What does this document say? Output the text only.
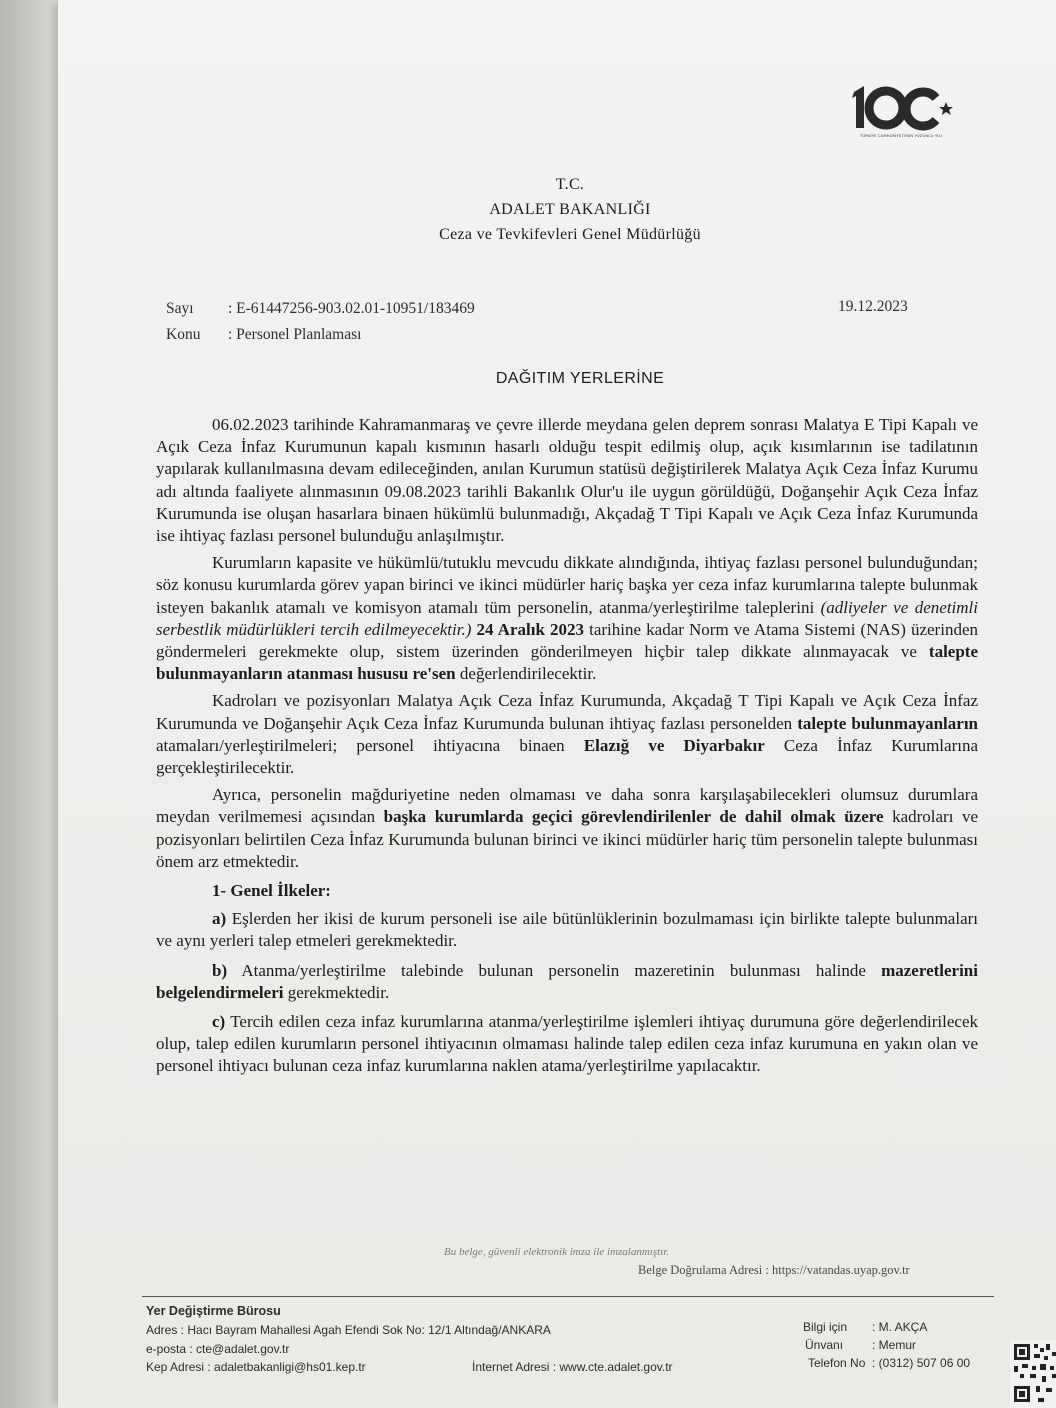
TÜRKİYE CUMHURİYETİ'NİN YÜZÜNCÜ YILI
T.C.
ADALET BAKANLIĞI
Ceza ve Tevkifevleri Genel Müdürlüğü
Sayı : E-61447256-903.02.01-10951/183469	19.12.2023
Konu : Personel Planlaması
DAĞITIM YERLERİNE

06.02.2023 tarihinde Kahramanmaraş ve çevre illerde meydana gelen deprem sonrası Malatya E Tipi Kapalı ve Açık Ceza İnfaz Kurumunun kapalı kısmının hasarlı olduğu tespit edilmiş olup, açık kısımlarının ise tadilatının yapılarak kullanılmasına devam edileceğinden, anılan Kurumun statüsü değiştirilerek Malatya Açık Ceza İnfaz Kurumu adı altında faaliyete alınmasının 09.08.2023 tarihli Bakanlık Olur'u ile uygun görüldüğü, Doğanşehir Açık Ceza İnfaz Kurumunda ise oluşan hasarlara binaen hükümlü bulunmadığı, Akçadağ T Tipi Kapalı ve Açık Ceza İnfaz Kurumunda ise ihtiyaç fazlası personel bulunduğu anlaşılmıştır.

Kurumların kapasite ve hükümlü/tutuklu mevcudu dikkate alındığında, ihtiyaç fazlası personel bulunduğundan; söz konusu kurumlarda görev yapan birinci ve ikinci müdürler hariç başka yer ceza infaz kurumlarına talepte bulunmak isteyen bakanlık atamalı ve komisyon atamalı tüm personelin, atanma/yerleştirilme taleplerini (adliyeler ve denetimli serbestlik müdürlükleri tercih edilmeyecektir.) 24 Aralık 2023 tarihine kadar Norm ve Atama Sistemi (NAS) üzerinden göndermeleri gerekmekte olup, sistem üzerinden gönderilmeyen hiçbir talep dikkate alınmayacak ve talepte bulunmayanların atanması hususu re'sen değerlendirilecektir.

Kadroları ve pozisyonları Malatya Açık Ceza İnfaz Kurumunda, Akçadağ T Tipi Kapalı ve Açık Ceza İnfaz Kurumunda ve Doğanşehir Açık Ceza İnfaz Kurumunda bulunan ihtiyaç fazlası personelden talepte bulunmayanların atamaları/yerleştirilmeleri; personel ihtiyacına binaen Elazığ ve Diyarbakır Ceza İnfaz Kurumlarına gerçekleştirilecektir.

Ayrıca, personelin mağduriyetine neden olmaması ve daha sonra karşılaşabilecekleri olumsuz durumlara meydan verilmemesi açısından başka kurumlarda geçici görevlendirilenler de dahil olmak üzere kadroları ve pozisyonları belirtilen Ceza İnfaz Kurumunda bulunan birinci ve ikinci müdürler hariç tüm personelin talepte bulunması önem arz etmektedir.

1- Genel İlkeler:

a) Eşlerden her ikisi de kurum personeli ise aile bütünlüklerinin bozulmaması için birlikte talepte bulunmaları ve aynı yerleri talep etmeleri gerekmektedir.

b) Atanma/yerleştirilme talebinde bulunan personelin mazeretinin bulunması halinde mazeretlerini belgelendirmeleri gerekmektedir.

c) Tercih edilen ceza infaz kurumlarına atanma/yerleştirilme işlemleri ihtiyaç durumuna göre değerlendirilecek olup, talep edilen kurumların personel ihtiyacının olmaması halinde talep edilen ceza infaz kurumuna en yakın olan ve personel ihtiyacı bulunan ceza infaz kurumlarına naklen atama/yerleştirilme yapılacaktır.

Bu belge, güvenli elektronik imza ile imzalanmıştır.
Belge Doğrulama Adresi : https://vatandas.uyap.gov.tr
Yer Değiştirme Bürosu
Adres : Hacı Bayram Mahallesi Agah Efendi Sok No: 12/1 Altındağ/ANKARA
e-posta : cte@adalet.gov.tr
Kep Adresi : adaletbakanligi@hs01.kep.tr	İnternet Adresi : www.cte.adalet.gov.tr
Bilgi için : M. AKÇA
Ünvanı : Memur
Telefon No : (0312) 507 06 00
